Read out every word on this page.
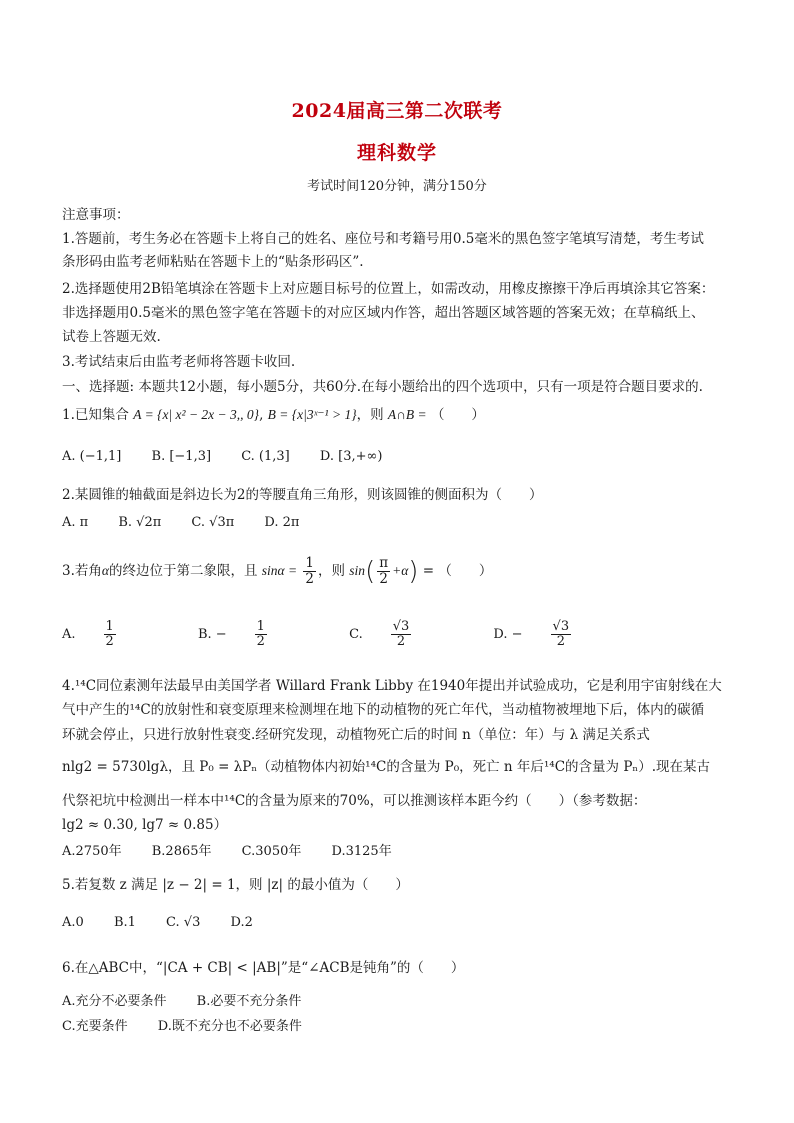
2024届高三第二次联考
理科数学
考试时间120分钟，满分150分
注意事项：
1.答题前，考生务必在答题卡上将自己的姓名、座位号和考籍号用0.5毫米的黑色签字笔填写清楚，考生考试
条形码由监考老师粘贴在答题卡上的“贴条形码区”.
2.选择题使用2B铅笔填涂在答题卡上对应题目标号的位置上，如需改动，用橡皮擦擦干净后再填涂其它答案：
非选择题用0.5毫米的黑色签字笔在答题卡的对应区域内作答，超出答题区域答题的答案无效；在草稿纸上、
试卷上答题无效.
3.考试结束后由监考老师将答题卡收回.
一、选择题: 本题共12小题，每小题5分，共60分.在每小题给出的四个选项中，只有一项是符合题目要求的.
1.已知集合 A = {x| x² − 2x − 3,, 0}, B = {x|3ˣ⁻¹ > 1}，则 A∩B = （　　）
A. (−1,1] B. [−1,3] C. (1,3] D. [3,+∞)
2.某圆锥的轴截面是斜边长为2的等腰直角三角形，则该圆锥的侧面积为（　　）
A. π B. √2π C. √3π D. 2π
3.若角α的终边位于第二象限，且 $\sin\alpha = \frac{1}{2}$ ，则 $\sin( \frac{\pi}{2} +\alpha)$ = （　　）
A. $\frac{1}{2}$	B. − $\frac{1}{2}$	C. $\frac{√3}{2}$	D. − $\frac{√3}{2}$
4.¹⁴C同位素测年法最早由美国学者 Willard Frank Libby 在1940年提出并试验成功，它是利用宇宙射线在大
气中产生的¹⁴C的放射性和衰变原理来检测埋在地下的动植物的死亡年代，当动植物被埋地下后，体内的碳循
环就会停止，只进行放射性衰变.经研究发现，动植物死亡后的时间 n（单位：年）与 λ 满足关系式
nlg2 = 5730lgλ，且 P₀ = λPₙ（动植物体内初始¹⁴C的含量为 P₀，死亡 n 年后¹⁴C的含量为 Pₙ）.现在某古
代祭祀坑中检测出一样本中¹⁴C的含量为原来的70%，可以推测该样本距今约（　　）（参考数据：
lg2 ≈ 0.30, lg7 ≈ 0.85）
A.2750年 B.2865年 C.3050年 D.3125年
5.若复数 z 满足 |z − 2| = 1，则 |z| 的最小值为（　　）
A.0 B.1 C. √3 D.2
6.在△ABC中，“|CA + CB| < |AB|”是“∠ACB是钝角”的（　　）
A.充分不必要条件 B.必要不充分条件
C.充要条件 D.既不充分也不必要条件
